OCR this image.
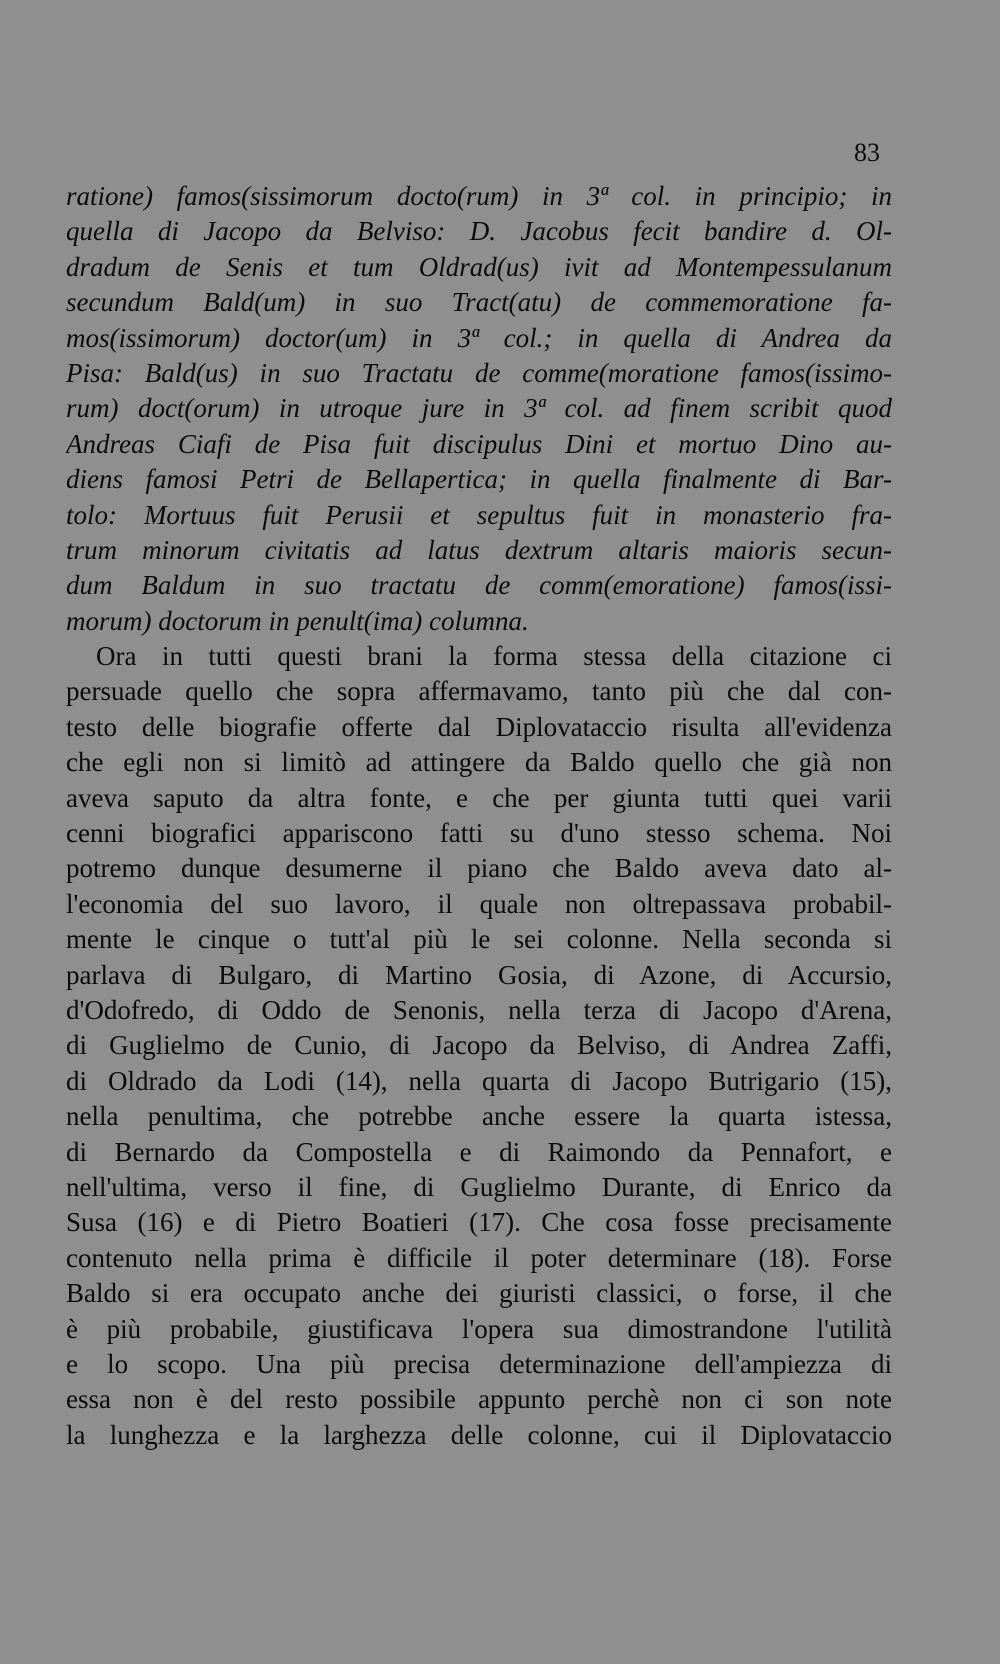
83
ratione) famos(sissimorum docto(rum) in 3ª col. in principio; in
quella di Jacopo da Belviso: D. Jacobus fecit bandire d. Ol-
dradum de Senis et tum Oldrad(us) ivit ad Montempessulanum
secundum Bald(um) in suo Tract(atu) de commemoratione fa-
mos(issimorum) doctor(um) in 3ª col.; in quella di Andrea da
Pisa: Bald(us) in suo Tractatu de comme(moratione famos(issimo-
rum) doct(orum) in utroque jure in 3ª col. ad finem scribit quod
Andreas Ciafi de Pisa fuit discipulus Dini et mortuo Dino au-
diens famosi Petri de Bellapertica; in quella finalmente di Bar-
tolo: Mortuus fuit Perusii et sepultus fuit in monasterio fra-
trum minorum civitatis ad latus dextrum altaris maioris secun-
dum Baldum in suo tractatu de comm(emoratione) famos(issi-
morum) doctorum in penult(ima) columna.
Ora in tutti questi brani la forma stessa della citazione ci
persuade quello che sopra affermavamo, tanto più che dal con-
testo delle biografie offerte dal Diplovataccio risulta all'evidenza
che egli non si limitò ad attingere da Baldo quello che già non
aveva saputo da altra fonte, e che per giunta tutti quei varii
cenni biografici appariscono fatti su d'uno stesso schema. Noi
potremo dunque desumerne il piano che Baldo aveva dato al-
l'economia del suo lavoro, il quale non oltrepassava probabil-
mente le cinque o tutt'al più le sei colonne. Nella seconda si
parlava di Bulgaro, di Martino Gosia, di Azone, di Accursio,
d'Odofredo, di Oddo de Senonis, nella terza di Jacopo d'Arena,
di Guglielmo de Cunio, di Jacopo da Belviso, di Andrea Zaffi,
di Oldrado da Lodi (14), nella quarta di Jacopo Butrigario (15),
nella penultima, che potrebbe anche essere la quarta istessa,
di Bernardo da Compostella e di Raimondo da Pennafort, e
nell'ultima, verso il fine, di Guglielmo Durante, di Enrico da
Susa (16) e di Pietro Boatieri (17). Che cosa fosse precisamente
contenuto nella prima è difficile il poter determinare (18). Forse
Baldo si era occupato anche dei giuristi classici, o forse, il che
è più probabile, giustificava l'opera sua dimostrandone l'utilità
e lo scopo. Una più precisa determinazione dell'ampiezza di
essa non è del resto possibile appunto perchè non ci son note
la lunghezza e la larghezza delle colonne, cui il Diplovataccio
